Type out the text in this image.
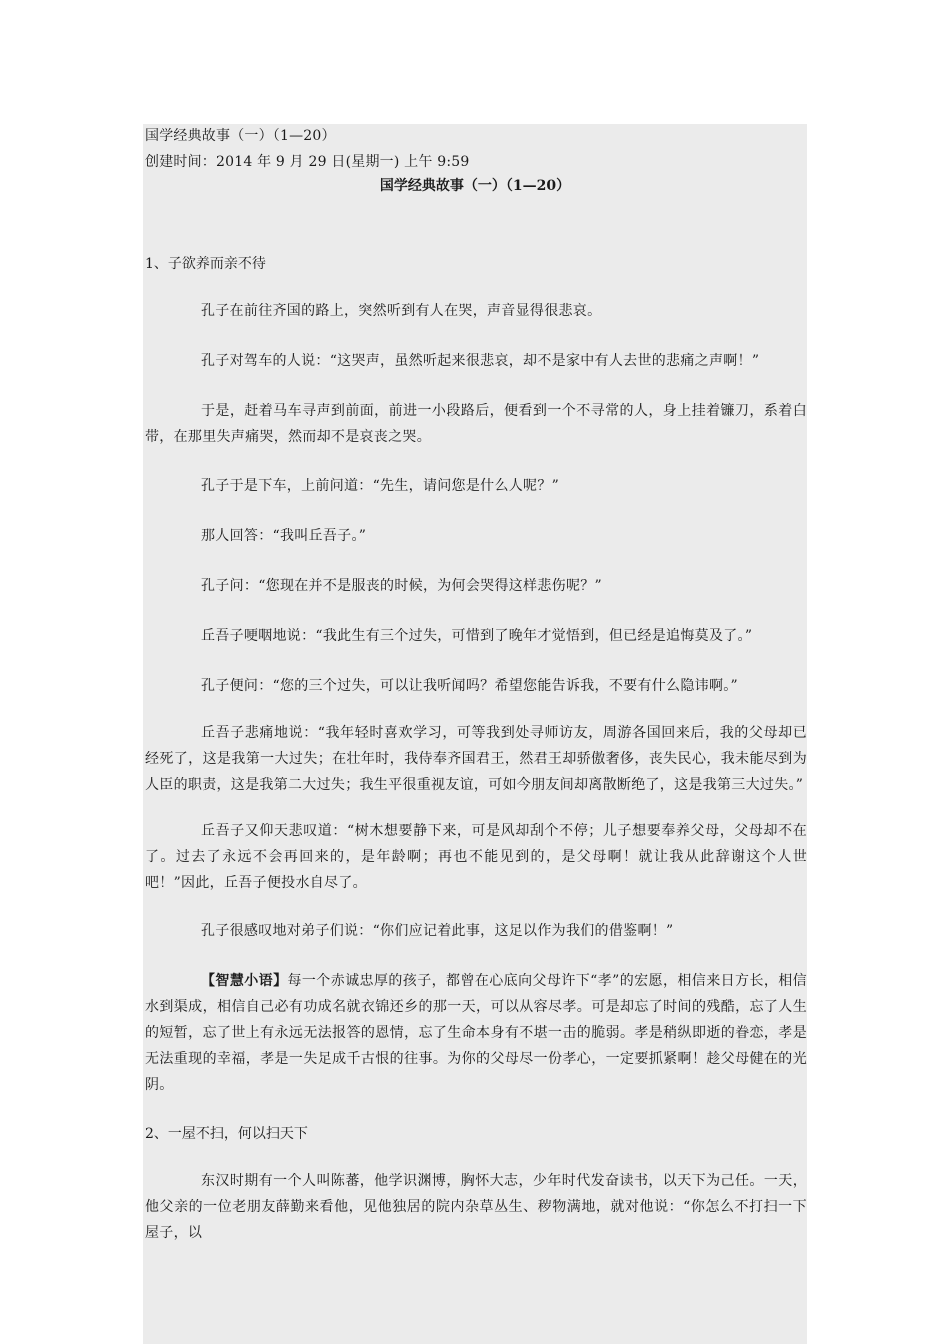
国学经典故事（一）（1—20）
创建时间：2014 年 9 月 29 日(星期一) 上午 9:59
国学经典故事（一）（1—20）
1、子欲养而亲不待

孔子在前往齐国的路上，突然听到有人在哭，声音显得很悲哀。

孔子对驾车的人说：“这哭声，虽然听起来很悲哀，却不是家中有人去世的悲痛之声啊！”

于是，赶着马车寻声到前面，前进一小段路后，便看到一个不寻常的人，身上挂着镰刀，系着白带，在那里失声痛哭，然而却不是哀丧之哭。

孔子于是下车，上前问道：“先生，请问您是什么人呢？”

那人回答：“我叫丘吾子。”

孔子问：“您现在并不是服丧的时候，为何会哭得这样悲伤呢？”

丘吾子哽咽地说：“我此生有三个过失，可惜到了晚年才觉悟到，但已经是追悔莫及了。”

孔子便问：“您的三个过失，可以让我听闻吗？希望您能告诉我，不要有什么隐讳啊。”

丘吾子悲痛地说：“我年轻时喜欢学习，可等我到处寻师访友，周游各国回来后，我的父母却已经死了，这是我第一大过失；在壮年时，我侍奉齐国君王，然君王却骄傲奢侈，丧失民心，我未能尽到为人臣的职责，这是我第二大过失；我生平很重视友谊，可如今朋友间却离散断绝了，这是我第三大过失。”

丘吾子又仰天悲叹道：“树木想要静下来，可是风却刮个不停；儿子想要奉养父母，父母却不在了。过去了永远不会再回来的，是年龄啊；再也不能见到的，是父母啊！就让我从此辞谢这个人世吧！”因此，丘吾子便投水自尽了。

孔子很感叹地对弟子们说：“你们应记着此事，这足以作为我们的借鉴啊！”

【智慧小语】每一个赤诚忠厚的孩子，都曾在心底向父母许下“孝”的宏愿，相信来日方长，相信水到渠成，相信自己必有功成名就衣锦还乡的那一天，可以从容尽孝。可是却忘了时间的残酷，忘了人生的短暂，忘了世上有永远无法报答的恩情，忘了生命本身有不堪一击的脆弱。孝是稍纵即逝的眷恋，孝是无法重现的幸福，孝是一失足成千古恨的往事。为你的父母尽一份孝心，一定要抓紧啊！趁父母健在的光阴。

2、一屋不扫，何以扫天下

东汉时期有一个人叫陈蕃，他学识渊博，胸怀大志，少年时代发奋读书，以天下为己任。一天，他父亲的一位老朋友薛勤来看他，见他独居的院内杂草丛生、秽物满地，就对他说：“你怎么不打扫一下屋子，以
